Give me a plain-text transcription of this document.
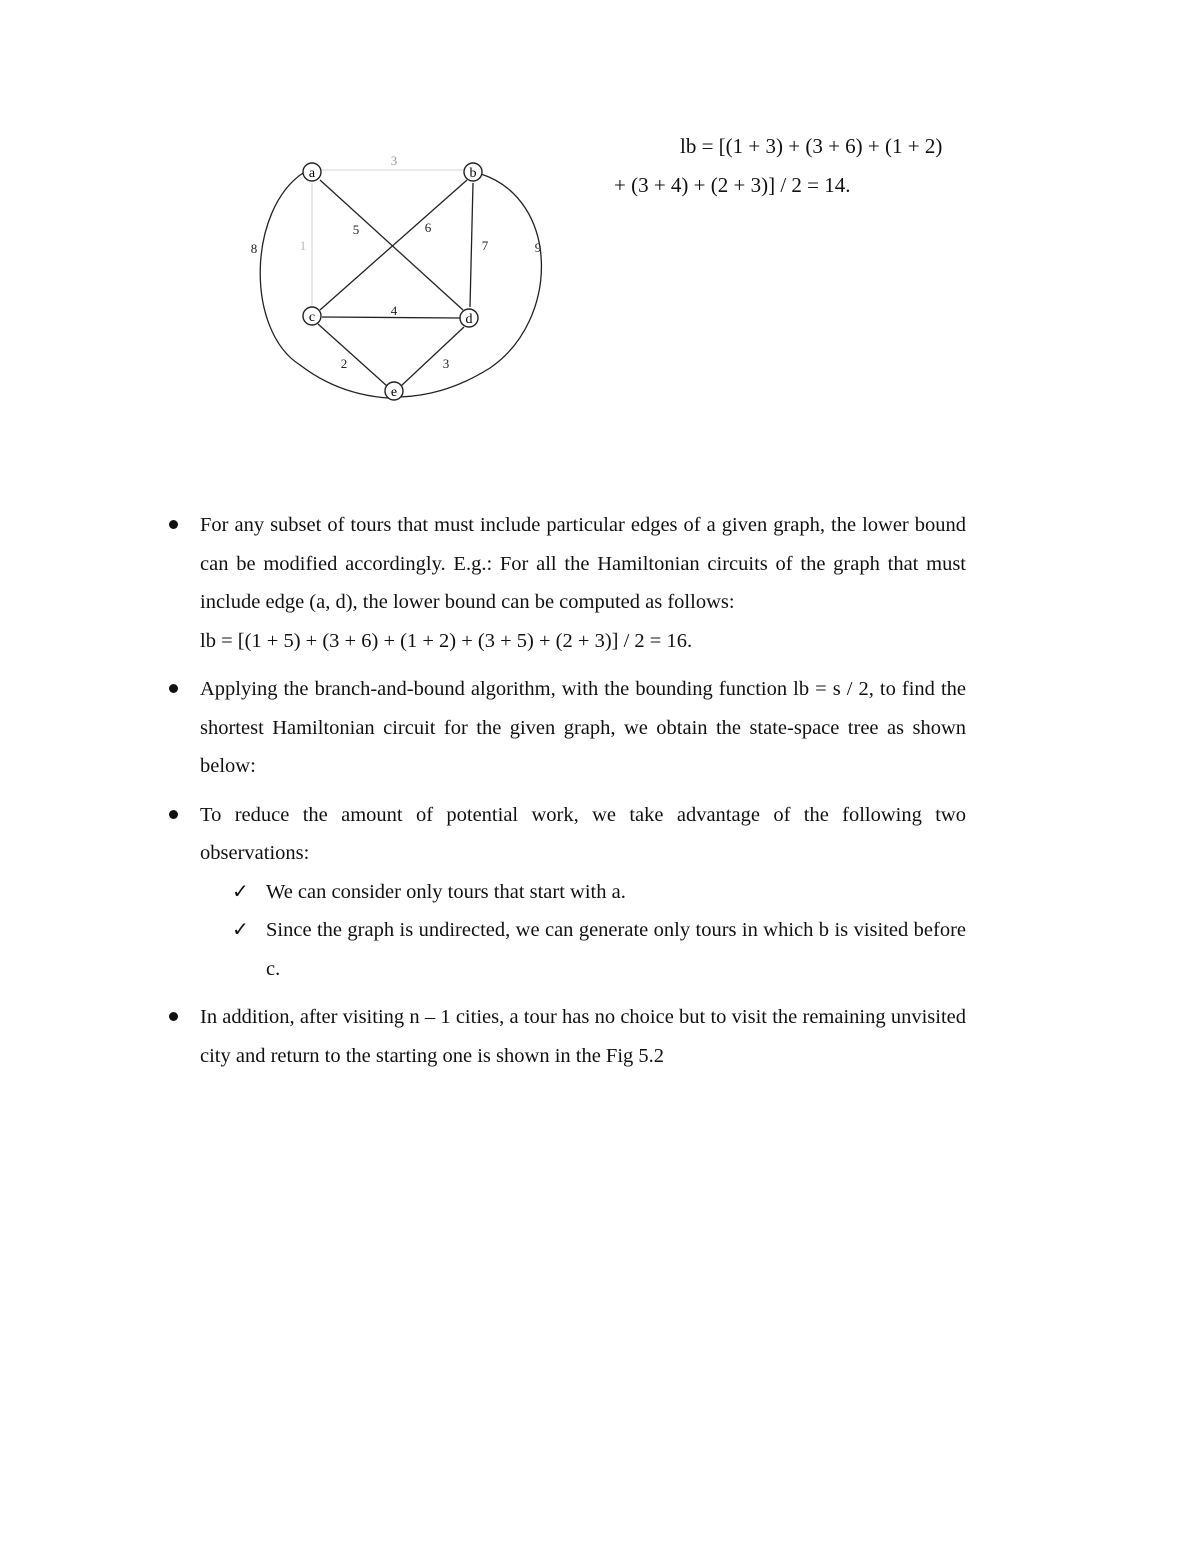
a	b
c	d
e
3
1
5	6
7
8	9
4
2	3
lb = [(1 + 3) + (3 + 6) + (1 + 2)
+ (3 + 4) + (2 + 3)] / 2 = 14.

For any subset of tours that must include particular edges of a given graph, the lower bound can be modified accordingly. E.g.: For all the Hamiltonian circuits of the graph that must include edge (a, d), the lower bound can be computed as follows:

lb = [(1 + 5) + (3 + 6) + (1 + 2) + (3 + 5) + (2 + 3)] / 2 = 16.

Applying the branch-and-bound algorithm, with the bounding function lb = s / 2, to find the shortest Hamiltonian circuit for the given graph, we obtain the state-space tree as shown below:

To reduce the amount of potential work, we take advantage of the following two observations:

✓ We can consider only tours that start with a.
✓ Since the graph is undirected, we can generate only tours in which b is visited before c.

In addition, after visiting n – 1 cities, a tour has no choice but to visit the remaining unvisited city and return to the starting one is shown in the Fig 5.2
